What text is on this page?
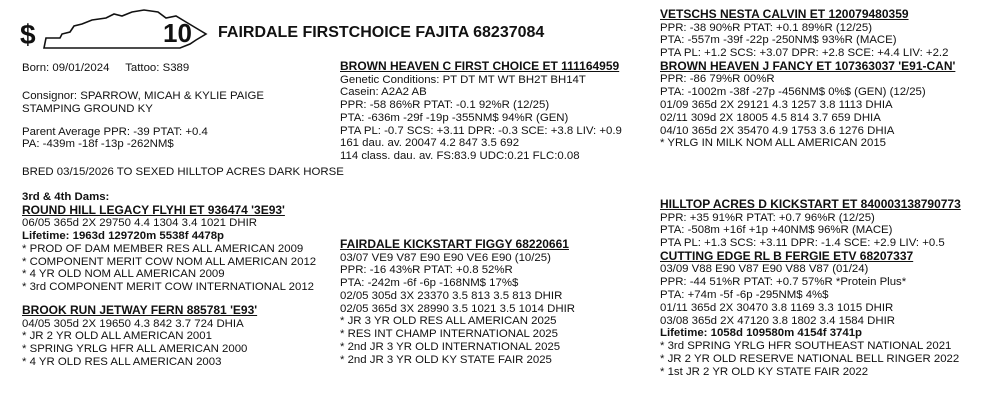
$	10 FAIRDALE FIRSTCHOICE FAJITA 68237084
Born: 09/01/2024 Tattoo: S389
Consignor: SPARROW, MICAH & KYLIE PAIGE
STAMPING GROUND KY
Parent Average PPR: -39 PTAT: +0.4
PA: -439m -18f -13p -262NM$
BRED 03/15/2026 TO SEXED HILLTOP ACRES DARK HORSE
3rd & 4th Dams:
ROUND HILL LEGACY FLYHI ET 936474 '3E93'
06/05 365d 2X 29750 4.4 1304 3.4 1021 DHIR
Lifetime: 1963d 129720m 5538f 4478p
* PROD OF DAM MEMBER RES ALL AMERICAN 2009
* COMPONENT MERIT COW NOM ALL AMERICAN 2012
* 4 YR OLD NOM ALL AMERICAN 2009
* 3rd COMPONENT MERIT COW INTERNATIONAL 2012
BROOK RUN JETWAY FERN 885781 'E93'
04/05 305d 2X 19650 4.3 842 3.7 724 DHIA
* JR 2 YR OLD ALL AMERICAN 2001
* SPRING YRLG HFR ALL AMERICAN 2000
* 4 YR OLD RES ALL AMERICAN 2003
BROWN HEAVEN C FIRST CHOICE ET 111164959
Genetic Conditions: PT DT MT WT BH2T BH14T
Casein: A2A2 AB
PPR: -58 86%R PTAT: -0.1 92%R (12/25)
PTA: -636m -29f -19p -355NM$ 94%R (GEN)
PTA PL: -0.7 SCS: +3.11 DPR: -0.3 SCE: +3.8 LIV: +0.9
161 dau. av. 20047 4.2 847 3.5 692
114 class. dau. av. FS:83.9 UDC:0.21 FLC:0.08
FAIRDALE KICKSTART FIGGY 68220661
03/07 VE9 V87 E90 E90 VE6 E90 (10/25)
PPR: -16 43%R PTAT: +0.8 52%R
PTA: -242m -6f -6p -168NM$ 17%$
02/05 305d 3X 23370 3.5 813 3.5 813 DHIR
02/05 365d 3X 28990 3.5 1021 3.5 1014 DHIR
* JR 3 YR OLD RES ALL AMERICAN 2025
* RES INT CHAMP INTERNATIONAL 2025
* 2nd JR 3 YR OLD INTERNATIONAL 2025
* 2nd JR 3 YR OLD KY STATE FAIR 2025
VETSCHS NESTA CALVIN ET 120079480359
PPR: -38 90%R PTAT: +0.1 89%R (12/25)
PTA: -557m -39f -22p -250NM$ 93%R (MACE)
PTA PL: +1.2 SCS: +3.07 DPR: +2.8 SCE: +4.4 LIV: +2.2
BROWN HEAVEN J FANCY ET 107363037 'E91-CAN'
PPR: -86 79%R 00%R
PTA: -1002m -38f -27p -456NM$ 0%$ (GEN) (12/25)
01/09 365d 2X 29121 4.3 1257 3.8 1113 DHIA
02/11 309d 2X 18005 4.5 814 3.7 659 DHIA
04/10 365d 2X 35470 4.9 1753 3.6 1276 DHIA
* YRLG IN MILK NOM ALL AMERICAN 2015
HILLTOP ACRES D KICKSTART ET 840003138790773
PPR: +35 91%R PTAT: +0.7 96%R (12/25)
PTA: -508m +16f +1p +40NM$ 96%R (MACE)
PTA PL: +1.3 SCS: +3.11 DPR: -1.4 SCE: +2.9 LIV: +0.5
CUTTING EDGE RL B FERGIE ETV 68207337
03/09 V88 E90 V87 E90 V88 V87 (01/24)
PPR: -44 51%R PTAT: +0.7 57%R *Protein Plus*
PTA: +74m -5f -6p -295NM$ 4%$
01/11 365d 2X 30470 3.8 1169 3.3 1015 DHIR
03/08 365d 2X 47120 3.8 1802 3.4 1584 DHIR
Lifetime: 1058d 109580m 4154f 3741p
* 3rd SPRING YRLG HFR SOUTHEAST NATIONAL 2021
* JR 2 YR OLD RESERVE NATIONAL BELL RINGER 2022
* 1st JR 2 YR OLD KY STATE FAIR 2022
